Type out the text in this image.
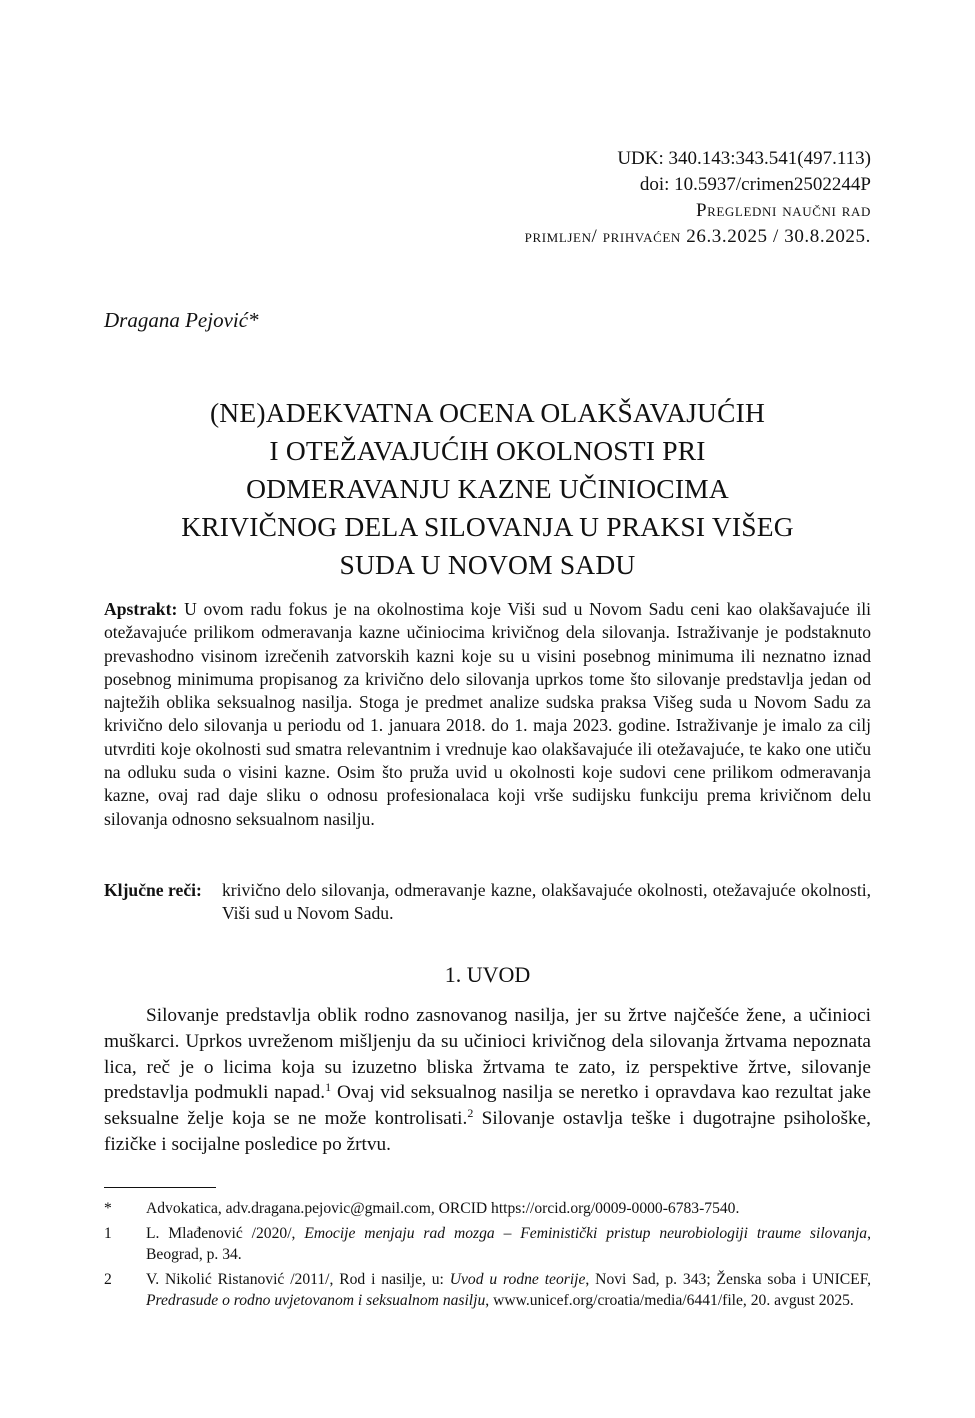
UDK: 340.143:343.541(497.113)
doi: 10.5937/crimen2502244P
Pregledni naučni rad
primljen/ prihvaćen 26.3.2025 / 30.8.2025.
Dragana Pejović*
(NE)ADEKVATNA OCENA OLAKŠAVAJUĆIH
I OTEŽAVAJUĆIH OKOLNOSTI PRI
ODMERAVANJU KAZNE UČINIOCIMA
KRIVIČNOG DELA SILOVANJA U PRAKSI VIŠEG
SUDA U NOVOM SADU
Apstrakt: U ovom radu fokus je na okolnostima koje Viši sud u Novom Sadu ceni kao olakšavajuće ili otežavajuće prilikom odmeravanja kazne učiniocima krivičnog dela silovanja. Istraživanje je podstaknuto prevashodno visinom izrečenih zatvorskih kazni koje su u visini posebnog minimuma ili neznatno iznad posebnog minimuma propisanog za krivično delo silovanja uprkos tome što silovanje predstavlja jedan od najtežih oblika seksualnog nasilja. Stoga je predmet analize sudska praksa Višeg suda u Novom Sadu za krivično delo silovanja u periodu od 1. januara 2018. do 1. maja 2023. godine. Istraživanje je imalo za cilj utvrditi koje okolnosti sud smatra relevantnim i vrednuje kao olakšavajuće ili otežavajuće, te kako one utiču na odluku suda o visini kazne. Osim što pruža uvid u okolnosti koje sudovi cene prilikom odmeravanja kazne, ovaj rad daje sliku o odnosu profesionalaca koji vrše sudijsku funkciju prema krivičnom delu silovanja odnosno seksualnom nasilju.
Ključne reči:	krivično delo silovanja, odmeravanje kazne, olakšavajuće okolnosti, otežavajuće okolnosti, Viši sud u Novom Sadu.
1. UVOD
Silovanje predstavlja oblik rodno zasnovanog nasilja, jer su žrtve najčešće žene, a učinioci muškarci. Uprkos uvreženom mišljenju da su učinioci krivičnog dela silovanja žrtvama nepoznata lica, reč je o licima koja su izuzetno bliska žrtvama te zato, iz perspektive žrtve, silovanje predstavlja podmukli napad.$^1$ Ovaj vid seksualnog nasilja se neretko i opravdava kao rezultat jake seksualne želje koja se ne može kontrolisati.$^2$ Silovanje ostavlja teške i dugotrajne psihološke, fizičke i socijalne posledice po žrtvu.
*	Advokatica, adv.dragana.pejovic@gmail.com, ORCID https://orcid.org/0009-0000-6783-7540.
1	L. Mlađenović /2020/, Emocije menjaju rad mozga – Feministički pristup neurobiologiji traume silovanja, Beograd, p. 34.
2	V. Nikolić Ristanović /2011/, Rod i nasilje, u: Uvod u rodne teorije, Novi Sad, p. 343; Ženska soba i UNICEF, Predrasude o rodno uvjetovanom i seksualnom nasilju, www.unicef.org/croatia/media/6441/file, 20. avgust 2025.
